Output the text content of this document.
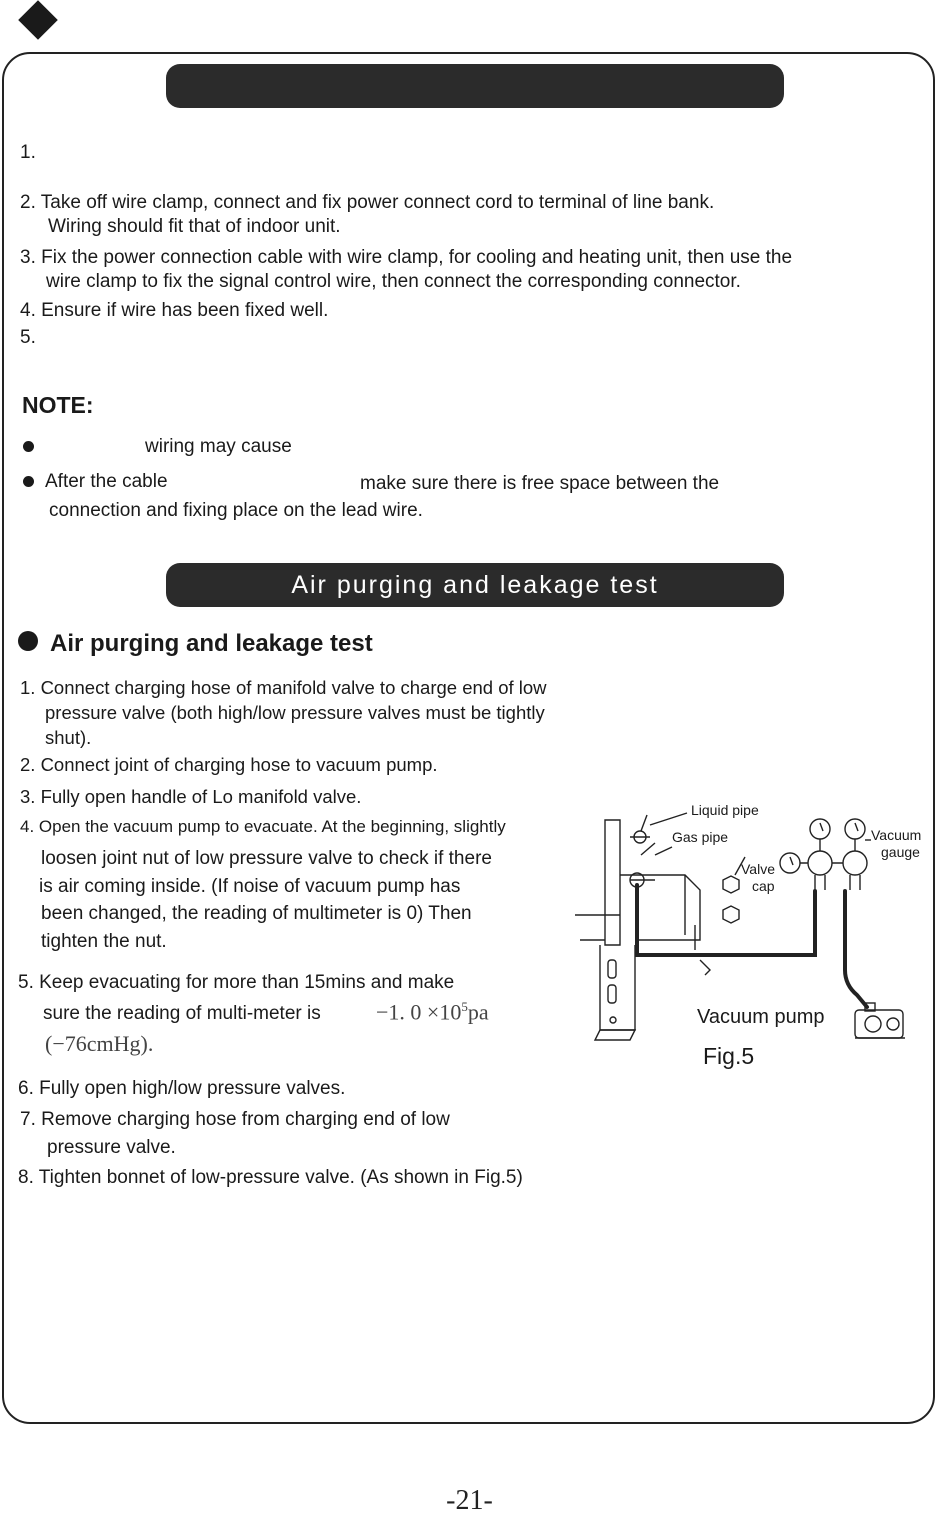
1.
2. Take off wire clamp, connect and fix power connect cord to terminal of line bank.
Wiring should fit that of indoor unit.
3. Fix the power connection cable with wire clamp, for cooling and heating unit, then use the
wire clamp to fix the signal control wire, then connect the corresponding connector.
4. Ensure if wire has been fixed well.
5.
NOTE:
wiring may cause
After the cable	make sure there is free space between the
connection and fixing place on the lead wire.
Air purging and leakage test
Air purging and leakage test
1. Connect charging hose of manifold valve to charge end of low
pressure valve (both high/low pressure valves must be tightly
shut).
2. Connect joint of charging hose to vacuum pump.
3. Fully open handle of Lo manifold valve.
4. Open the vacuum pump to evacuate. At the beginning, slightly
loosen joint nut of low pressure valve to check if there
is air coming inside. (If noise of vacuum pump has
been changed, the reading of multimeter is 0) Then
tighten the nut.
5. Keep evacuating for more than 15mins and make
sure the reading of multi-meter is	−1. $0 \times 10^5pa$
(−76cmHg).
6. Fully open high/low pressure valves.
7. Remove charging hose from charging end of low
pressure valve.
8. Tighten bonnet of low-pressure valve. (As shown in Fig.5)
Liquid pipe
Gas pipe
Valve
cap
Vacuum
gauge
Vacuum pump
Fig.5
-21-
